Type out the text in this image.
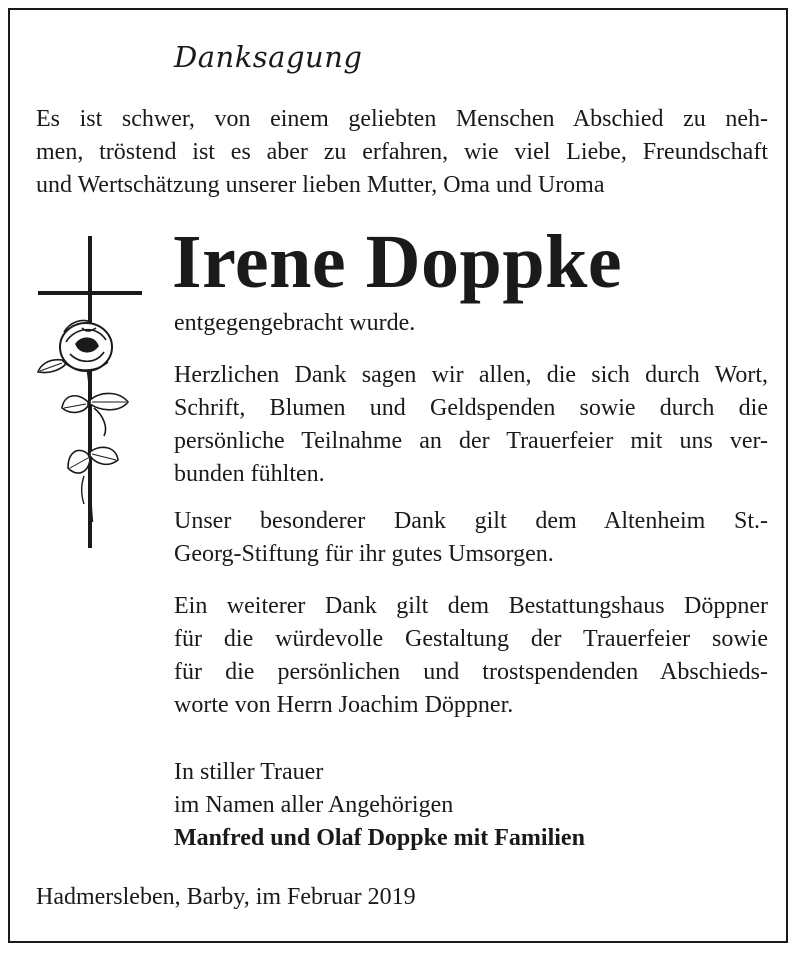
Danksagung

Es ist schwer, von einem geliebten Menschen Abschied zu neh-
men, tröstend ist es aber zu erfahren, wie viel Liebe, Freundschaft
und Wertschätzung unserer lieben Mutter, Oma und Uroma

Irene Doppke

entgegengebracht wurde.

Herzlichen Dank sagen wir allen, die sich durch Wort,
Schrift, Blumen und Geldspenden sowie durch die
persönliche Teilnahme an der Trauerfeier mit uns ver-
bunden fühlten.

Unser besonderer Dank gilt dem Altenheim St.-
Georg-Stiftung für ihr gutes Umsorgen.

Ein weiterer Dank gilt dem Bestattungshaus Döppner
für die würdevolle Gestaltung der Trauerfeier sowie
für die persönlichen und trostspendenden Abschieds-
worte von Herrn Joachim Döppner.

In stiller Trauer
im Namen aller Angehörigen
Manfred und Olaf Doppke mit Familien
Hadmersleben, Barby, im Februar 2019
